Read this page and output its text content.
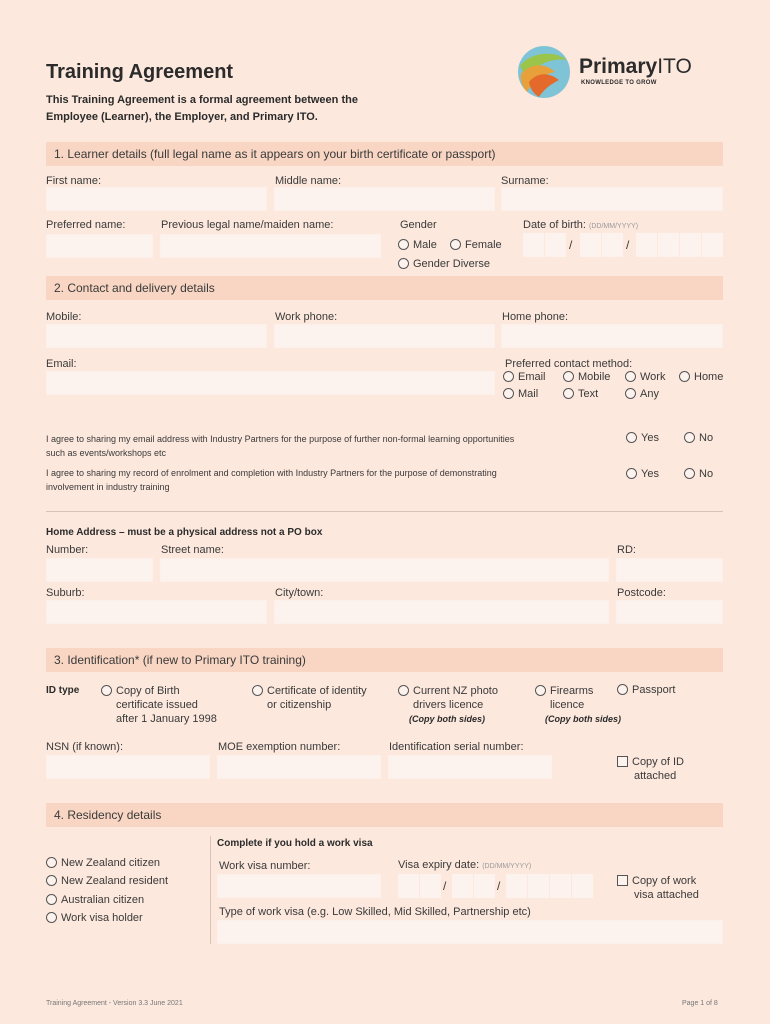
Training Agreement
This Training Agreement is a formal agreement between the
Employee (Learner), the Employer, and Primary ITO.
PrimaryITO
KNOWLEDGE TO GROW
1. Learner details (full legal name as it appears on your birth certificate or passport)
First name:	Middle name:	Surname:
Preferred name:	Previous legal name/maiden name:	Gender	Date of birth: (DD/MM/YYYY)
Male	Female
Gender Diverse
/	/
2. Contact and delivery details
Mobile:	Work phone:	Home phone:
Email:	Preferred contact method:
Email	Mobile	Work	Home
Mail	Text	Any
I agree to sharing my email address with Industry Partners for the purpose of further non-formal learning opportunities
such as events/workshops etc
Yes	No
I agree to sharing my record of enrolment and completion with Industry Partners for the purpose of demonstrating
involvement in industry training
Yes	No
Home Address – must be a physical address not a PO box
Number:	Street name:	RD:
Suburb:	City/town:	Postcode:
3. Identification* (if new to Primary ITO training)
ID type	Copy of Birth
certificate issued
after 1 January 1998
Certificate of identity
or citizenship
Current NZ photo
drivers licence
(Copy both sides)
Firearms
licence
(Copy both sides)
Passport
NSN (if known):	MOE exemption number:	Identification serial number:
Copy of ID
attached
4. Residency details
Complete if you hold a work visa
New Zealand citizen
New Zealand resident
Australian citizen
Work visa holder
Work visa number:	Visa expiry date: (DD/MM/YYYY)
/	/	Copy of work
visa attached
Type of work visa (e.g. Low Skilled, Mid Skilled, Partnership etc)
Training Agreement - Version 3.3 June 2021	Page 1 of 8
